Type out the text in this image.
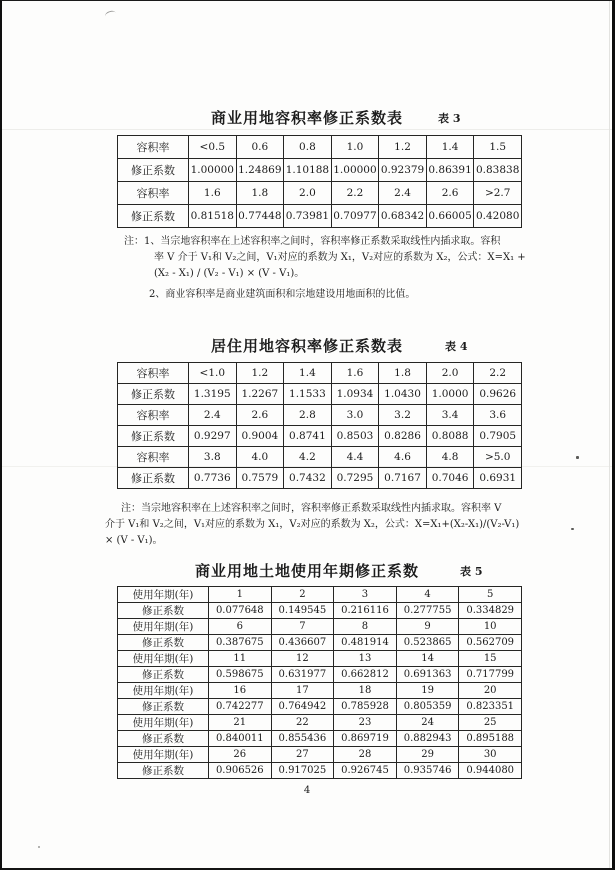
商业用地容积率修正系数表	表 3
容积率	<0.5	0.6	0.8	1.0	1.2	1.4	1.5
修正系数	1.00000	1.24869	1.10188	1.00000	0.92379	0.86391	0.83838
容积率	1.6	1.8	2.0	2.2	2.4	2.6	>2.7
修正系数	0.81518	0.77448	0.73981	0.70977	0.68342	0.66005	0.42080
注：1、当宗地容积率在上述容积率之间时，容积率修正系数采取线性内插求取。容积
率 V 介于 V₁和 V₂之间，V₁对应的系数为 X₁，V₂对应的系数为 X₂，公式：X=X₁ +
(X₂ - X₁) / (V₂ - V₁) × (V - V₁)。
2、商业容积率是商业建筑面积和宗地建设用地面积的比值。
居住用地容积率修正系数表	表 4
容积率	<1.0	1.2	1.4	1.6	1.8	2.0	2.2
修正系数	1.3195	1.2267	1.1533	1.0934	1.0430	1.0000	0.9626
容积率	2.4	2.6	2.8	3.0	3.2	3.4	3.6
修正系数	0.9297	0.9004	0.8741	0.8503	0.8286	0.8088	0.7905
容积率	3.8	4.0	4.2	4.4	4.6	4.8	>5.0
修正系数	0.7736	0.7579	0.7432	0.7295	0.7167	0.7046	0.6931
注：当宗地容积率在上述容积率之间时，容积率修正系数采取线性内插求取。容积率 V
介于 V₁和 V₂之间，V₁对应的系数为 X₁，V₂对应的系数为 X₂，公式：X=X₁+(X₂-X₁)/(V₂-V₁)
× (V - V₁)。
商业用地土地使用年期修正系数	表 5
使用年期(年)	1	2	3	4	5
修正系数	0.077648	0.149545	0.216116	0.277755	0.334829
使用年期(年)	6	7	8	9	10
修正系数	0.387675	0.436607	0.481914	0.523865	0.562709
使用年期(年)	11	12	13	14	15
修正系数	0.598675	0.631977	0.662812	0.691363	0.717799
使用年期(年)	16	17	18	19	20
修正系数	0.742277	0.764942	0.785928	0.805359	0.823351
使用年期(年)	21	22	23	24	25
修正系数	0.840011	0.855436	0.869719	0.882943	0.895188
使用年期(年)	26	27	28	29	30
修正系数	0.906526	0.917025	0.926745	0.935746	0.944080
4
